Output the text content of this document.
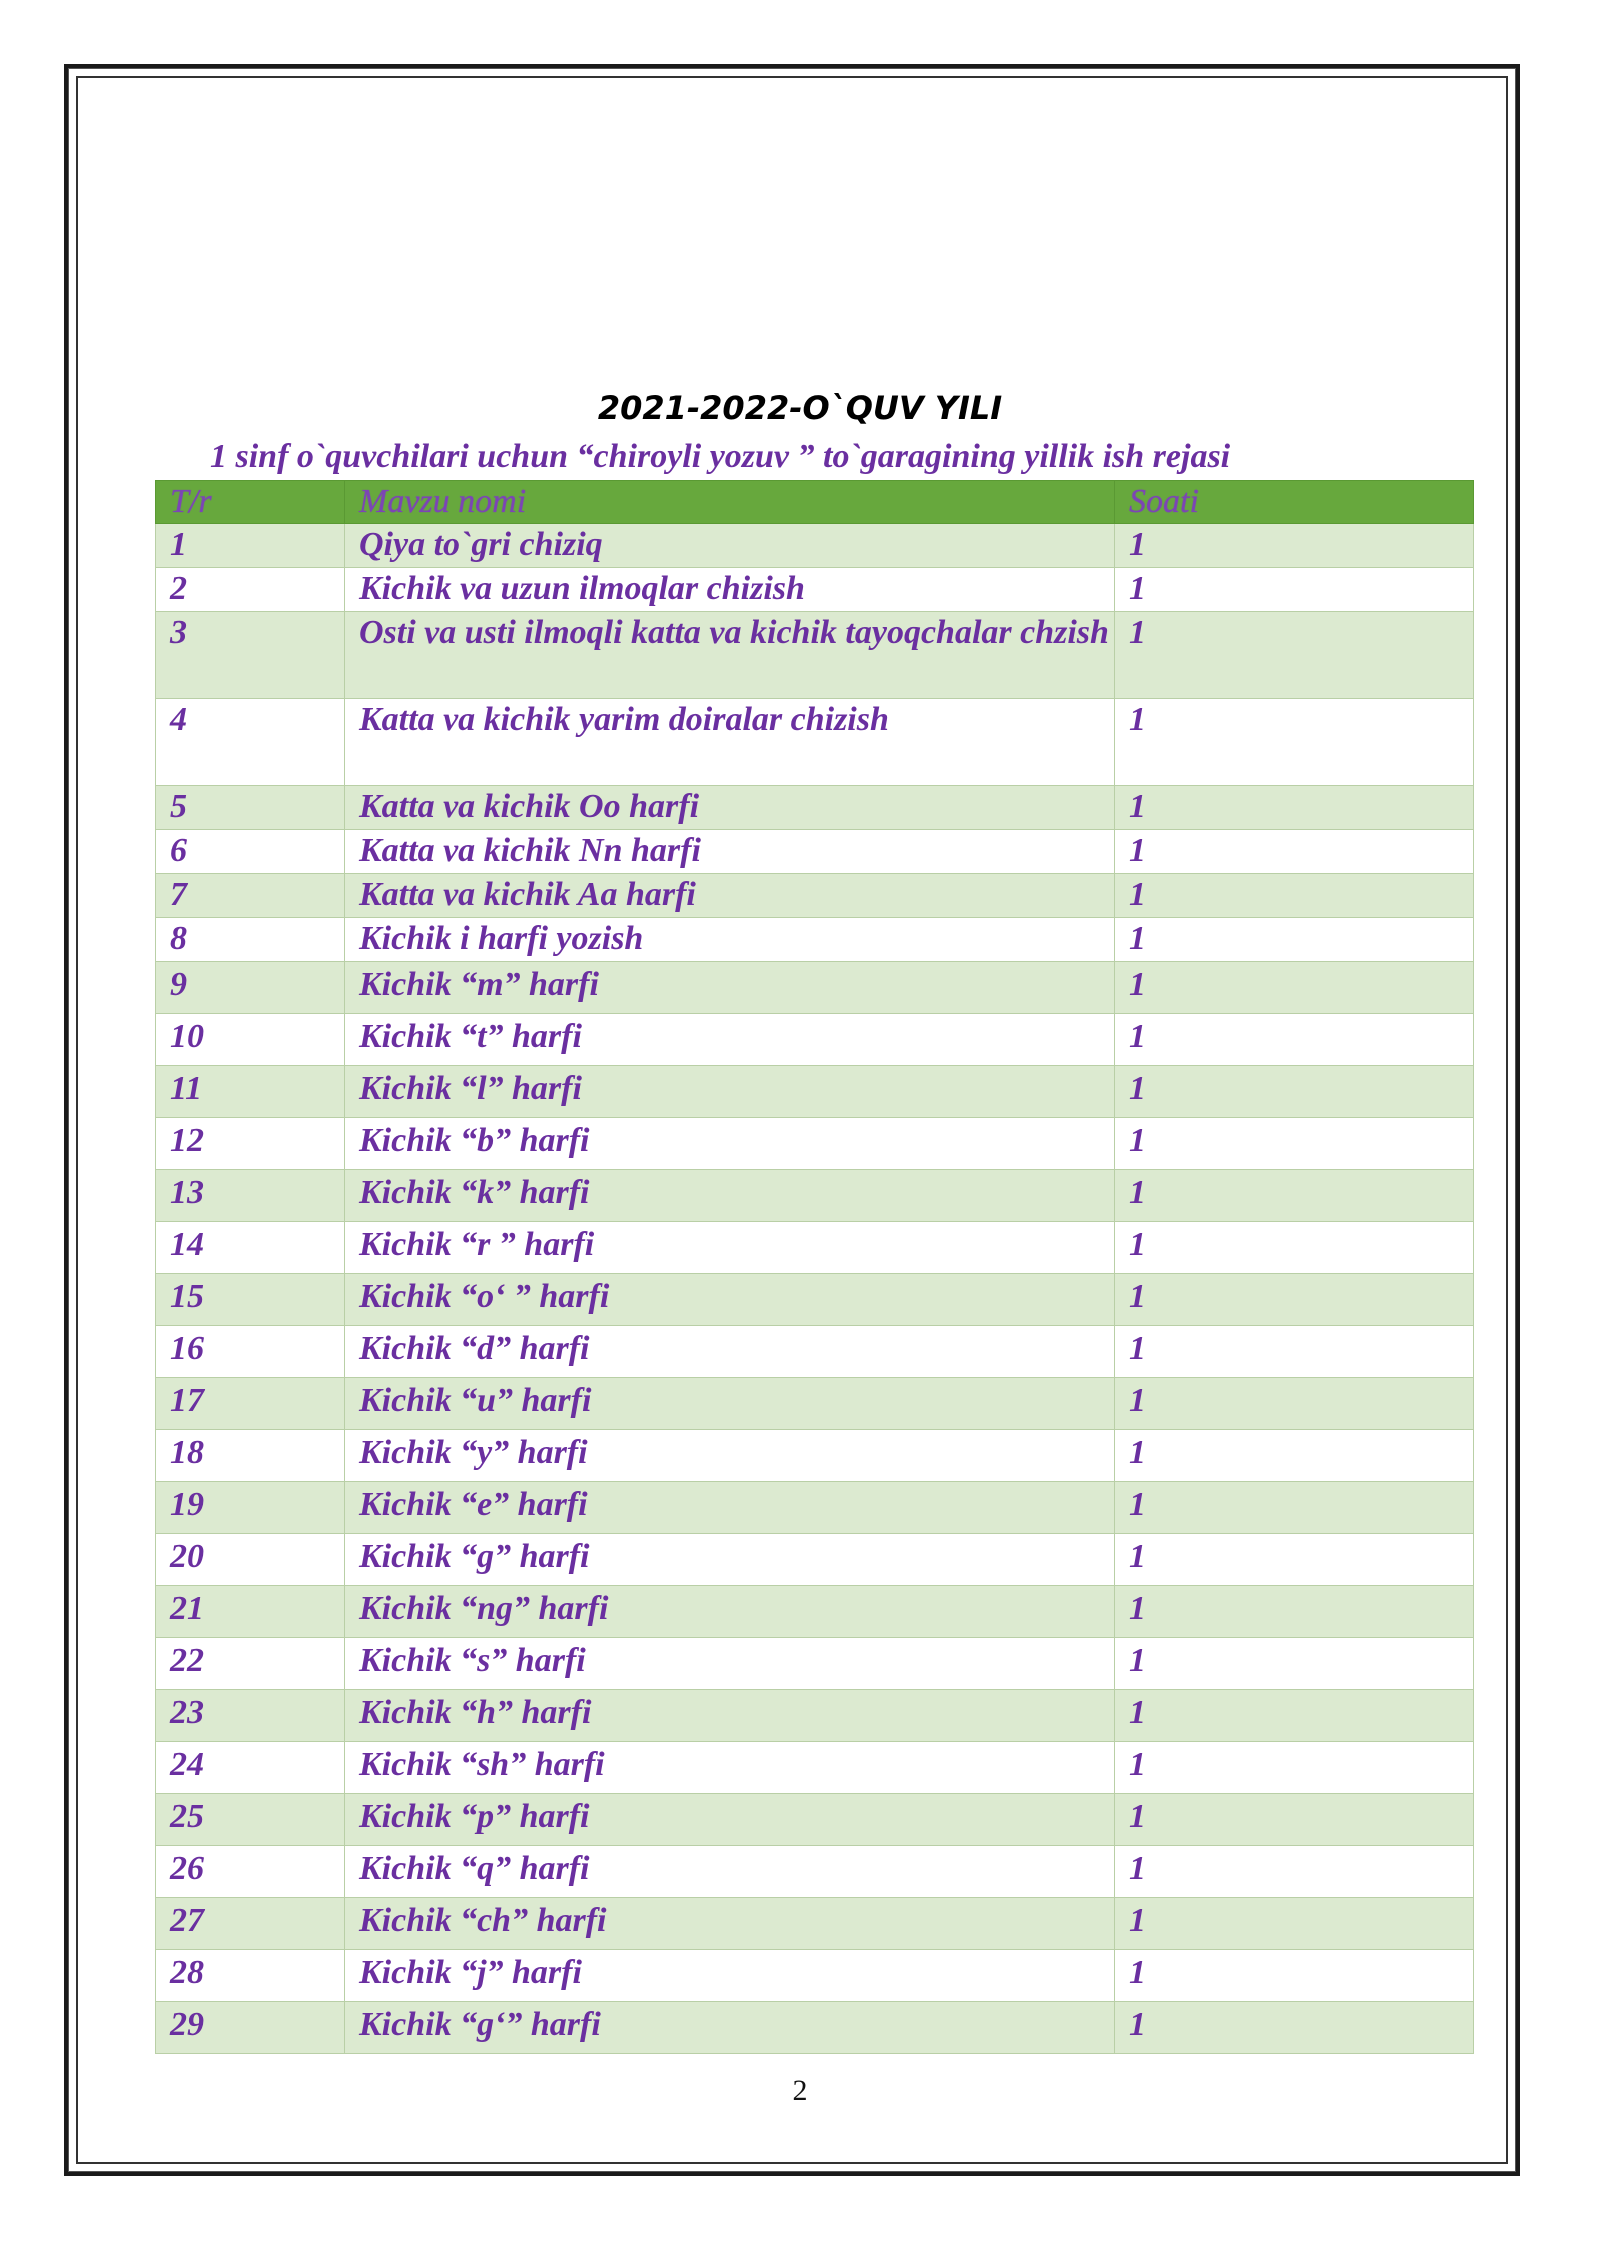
2021-2022-O`QUV YILI
1 sinf o`quvchilari uchun “chiroyli yozuv ” to`garagining yillik ish rejasi
T/r	Mavzu nomi	Soati
1	Qiya to`gri chiziq	1
2	Kichik va uzun ilmoqlar chizish	1
3	Osti va usti ilmoqli katta va kichik tayoqchalar chzish	1
4	Katta va kichik yarim doiralar chizish	1
5	Katta va kichik Oo harfi	1
6	Katta va kichik Nn harfi	1
7	Katta va kichik Aa harfi	1
8	Kichik i harfi yozish	1
9	Kichik “m” harfi	1
10	Kichik “t” harfi	1
11	Kichik “l” harfi	1
12	Kichik “b” harfi	1
13	Kichik “k” harfi	1
14	Kichik “r ” harfi	1
15	Kichik “o‘ ” harfi	1
16	Kichik “d” harfi	1
17	Kichik “u” harfi	1
18	Kichik “y” harfi	1
19	Kichik “e” harfi	1
20	Kichik “g” harfi	1
21	Kichik “ng” harfi	1
22	Kichik “s” harfi	1
23	Kichik “h” harfi	1
24	Kichik “sh” harfi	1
25	Kichik “p” harfi	1
26	Kichik “q” harfi	1
27	Kichik “ch” harfi	1
28	Kichik “j” harfi	1
29	Kichik “g‘” harfi	1
2
